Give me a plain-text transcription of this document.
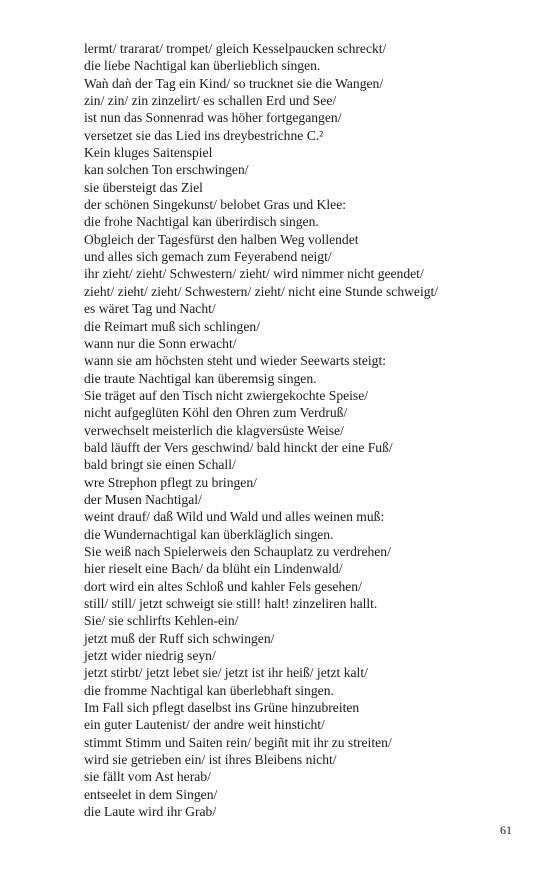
lermt/ trararat/ trompet/ gleich Kesselpaucken schreckt/
die liebe Nachtigal kan überlieblich singen.
Waǹ daǹ der Tag ein Kind/ so trucknet sie die Wangen/
zin/ zin/ zin zinzelirt/ es schallen Erd und See/
ist nun das Sonnenrad was höher fortgegangen/
versetzet sie das Lied ins dreybestrichne C.²
Kein kluges Saitenspiel
kan solchen Ton erschwingen/
sie übersteigt das Ziel
der schönen Singekunst/ belobet Gras und Klee:
die frohe Nachtigal kan überirdisch singen.
Obgleich der Tagesfürst den halben Weg vollendet
und alles sich gemach zum Feyerabend neigt/
ihr zieht/ zieht/ Schwestern/ zieht/ wird nimmer nicht geendet/
zieht/ zieht/ zieht/ Schwestern/ zieht/ nicht eine Stunde schweigt/
es wäret Tag und Nacht/
die Reimart muß sich schlingen/
wann nur die Sonn erwacht/
wann sie am höchsten steht und wieder Seewarts steigt:
die traute Nachtigal kan überemsig singen.
Sie träget auf den Tisch nicht zwiergekochte Speise/
nicht aufgeglüten Köhl den Ohren zum Verdruß/
verwechselt meisterlich die klagversüste Weise/
bald läufft der Vers geschwind/ bald hinckt der eine Fuß/
bald bringt sie einen Schall/
wre Strephon pflegt zu bringen/
der Musen Nachtigal/
weint drauf/ daß Wild und Wald und alles weinen muß:
die Wundernachtigal kan überkläglich singen.
Sie weiß nach Spielerweis den Schauplatz zu verdrehen/
hier rieselt eine Bach/ da blüht ein Lindenwald/
dort wird ein altes Schloß und kahler Fels gesehen/
still/ still/ jetzt schweigt sie still! halt! zinzeliren hallt.
Sie/ sie schlirfts Kehlen-ein/
jetzt muß der Ruff sich schwingen/
jetzt wider niedrig seyn/
jetzt stirbt/ jetzt lebet sie/ jetzt ist ihr heiß/ jetzt kalt/
die fromme Nachtigal kan überlebhaft singen.
Im Fall sich pflegt daselbst ins Grüne hinzubreiten
ein guter Lautenist/ der andre weit hinsticht/
stimmt Stimm und Saiten rein/ begiñt mit ihr zu streiten/
wird sie getrieben ein/ ist ihres Bleibens nicht/
sie fällt vom Ast herab/
entseelet in dem Singen/
die Laute wird ihr Grab/
61
